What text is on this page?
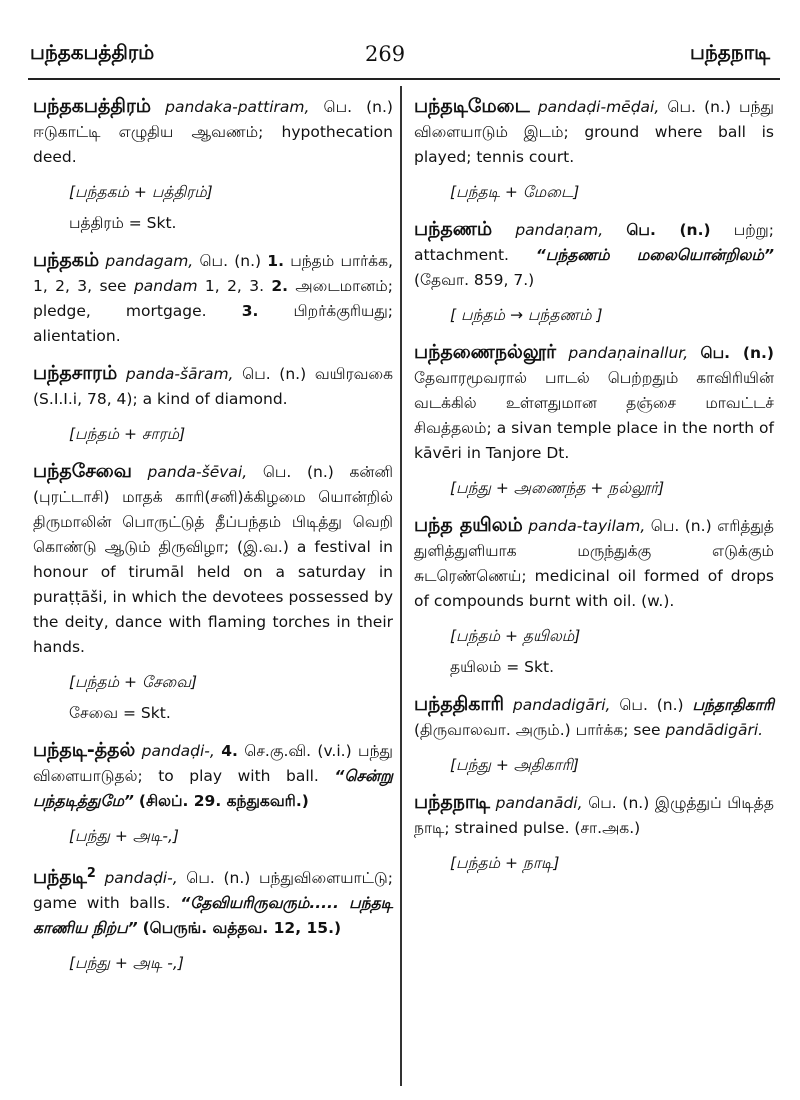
பந்தகபத்திரம்	269	பந்தநாடி
பந்தகபத்திரம் pandaka-pattiram, பெ. (n.) ஈடுகாட்டி எழுதிய ஆவணம்; hypothecation deed.
[பந்தகம் + பத்திரம்]
பத்திரம் = Skt.
பந்தகம் pandagam, பெ. (n.) 1. பந்தம் பார்க்க, 1, 2, 3, see pandam 1, 2, 3. 2. அடைமானம்; pledge, mortgage. 3. பிறர்க்குரியது; alientation.
பந்தசாரம் panda-šāram, பெ. (n.) வயிரவகை (S.I.I.i, 78, 4); a kind of diamond.
[பந்தம் + சாரம்]
பந்தசேவை panda-šēvai, பெ. (n.) கன்னி (புரட்டாசி) மாதக் காரி(சனி)க்கிழமை யொன்றில் திருமாலின் பொருட்டுத் தீப்பந்தம் பிடித்து வெறி கொண்டு ஆடும் திருவிழா; (இ.வ.) a festival in honour of tirumāl held on a saturday in puraṭṭāši, in which the devotees possessed by the deity, dance with flaming torches in their hands.
[பந்தம் + சேவை]
சேவை = Skt.
பந்தடி-த்தல் pandaḍi-, 4. செ.கு.வி. (v.i.) பந்து விளையாடுதல்; to play with ball. “சென்று பந்தடித்துமே” (சிலப். 29. கந்துகவரி.)
[பந்து + அடி-,]
பந்தடி$^2$ pandaḍi-, பெ. (n.) பந்துவிளையாட்டு; game with balls. “தேவியரிருவரும்..... பந்தடி காணிய நிற்ப” (பெருங். வத்தவ. 12, 15.)
[பந்து + அடி -,]
பந்தடிமேடை pandaḍi-mēḍai, பெ. (n.) பந்து விளையாடும் இடம்; ground where ball is played; tennis court.
[பந்தடி + மேடை]
பந்தணம் pandaṇam, பெ. (n.) பற்று; attachment. “பந்தணம் மலையொன்றிலம்” (தேவா. 859, 7.)
[ பந்தம் → பந்தணம் ]
பந்தணைநல்லூர் pandaṇainallur, பெ. (n.) தேவாரமூவரால் பாடல் பெற்றதும் காவிரியின் வடக்கில் உள்ளதுமான தஞ்சை மாவட்டச் சிவத்தலம்; a sivan temple place in the north of kāvēri in Tanjore Dt.
[பந்து + அணைந்த + நல்லூர்]
பந்த தயிலம் panda-tayilam, பெ. (n.) எரித்துத் துளித்துளியாக மருந்துக்கு எடுக்கும் சுடரெண்ணெய்; medicinal oil formed of drops of compounds burnt with oil. (w.).
[பந்தம் + தயிலம்]
தயிலம் = Skt.
பந்ததிகாரி pandadigāri, பெ. (n.) பந்தாதிகாரி (திருவாலவா. அரும்.) பார்க்க; see pandādigāri.
[பந்து + அதிகாரி]
பந்தநாடி pandanādi, பெ. (n.) இழுத்துப் பிடித்த நாடி; strained pulse. (சா.அக.)
[பந்தம் + நாடி]
